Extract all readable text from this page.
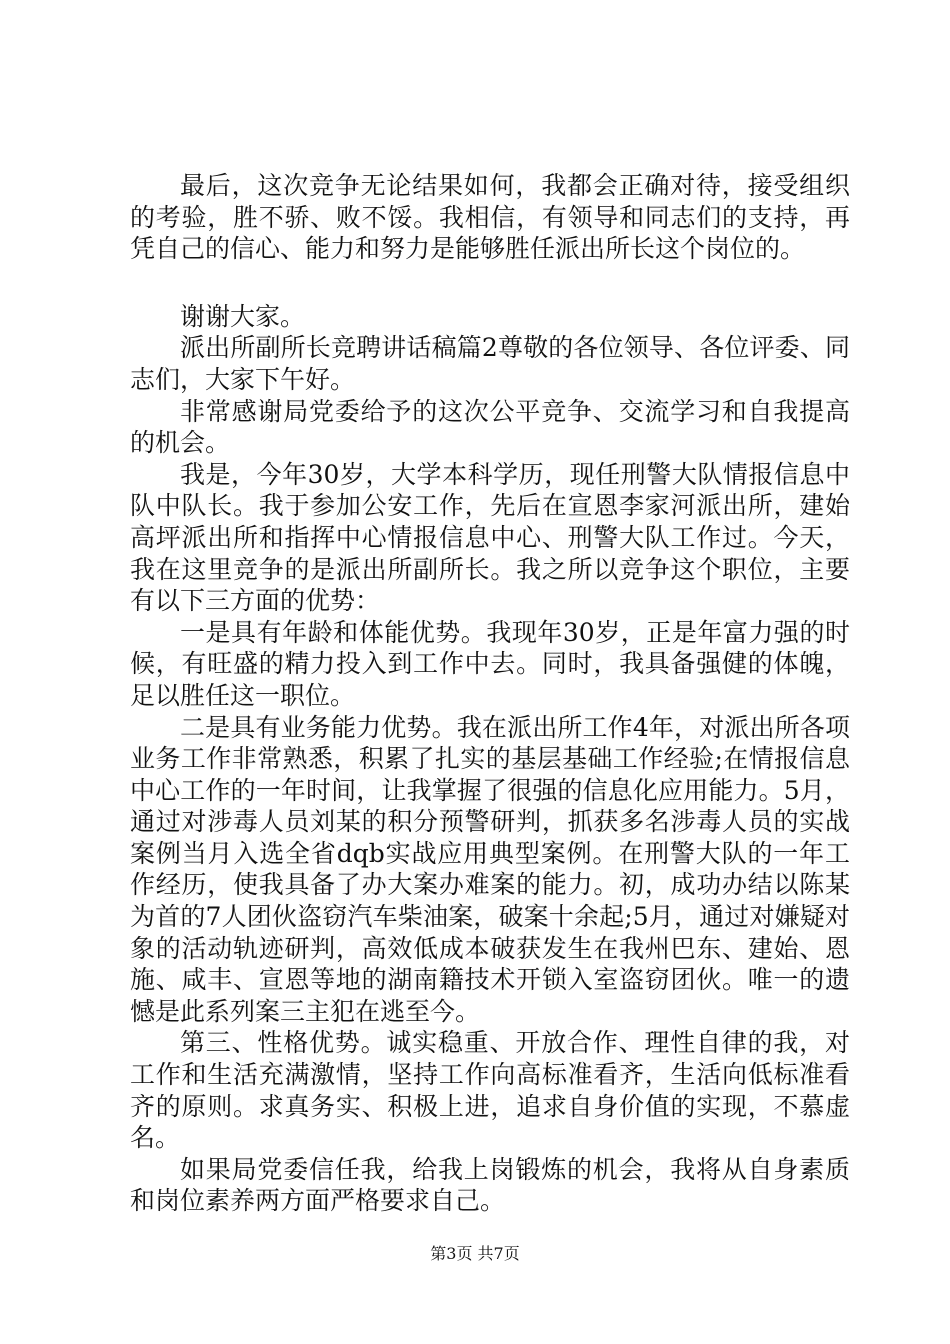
最后，这次竞争无论结果如何，我都会正确对待，接受组织的考验，胜不骄、败不馁。我相信，有领导和同志们的支持，再凭自己的信心、能力和努力是能够胜任派出所长这个岗位的。

谢谢大家。

派出所副所长竞聘讲话稿篇2尊敬的各位领导、各位评委、同志们，大家下午好。

非常感谢局党委给予的这次公平竞争、交流学习和自我提高的机会。

我是，今年30岁，大学本科学历，现任刑警大队情报信息中队中队长。我于参加公安工作，先后在宣恩李家河派出所，建始高坪派出所和指挥中心情报信息中心、刑警大队工作过。今天，我在这里竞争的是派出所副所长。我之所以竞争这个职位，主要有以下三方面的优势：

一是具有年龄和体能优势。我现年30岁，正是年富力强的时候，有旺盛的精力投入到工作中去。同时，我具备强健的体魄，足以胜任这一职位。

二是具有业务能力优势。我在派出所工作4年，对派出所各项业务工作非常熟悉，积累了扎实的基层基础工作经验;在情报信息中心工作的一年时间，让我掌握了很强的信息化应用能力。5月，通过对涉毒人员刘某的积分预警研判，抓获多名涉毒人员的实战案例当月入选全省dqb实战应用典型案例。在刑警大队的一年工作经历，使我具备了办大案办难案的能力。初，成功办结以陈某为首的7人团伙盗窃汽车柴油案，破案十余起;5月，通过对嫌疑对象的活动轨迹研判，高效低成本破获发生在我州巴东、建始、恩施、咸丰、宣恩等地的湖南籍技术开锁入室盗窃团伙。唯一的遗憾是此系列案三主犯在逃至今。

第三、性格优势。诚实稳重、开放合作、理性自律的我，对工作和生活充满激情，坚持工作向高标准看齐，生活向低标准看齐的原则。求真务实、积极上进，追求自身价值的实现，不慕虚名。

如果局党委信任我，给我上岗锻炼的机会，我将从自身素质和岗位素养两方面严格要求自己。

第3页 共7页
